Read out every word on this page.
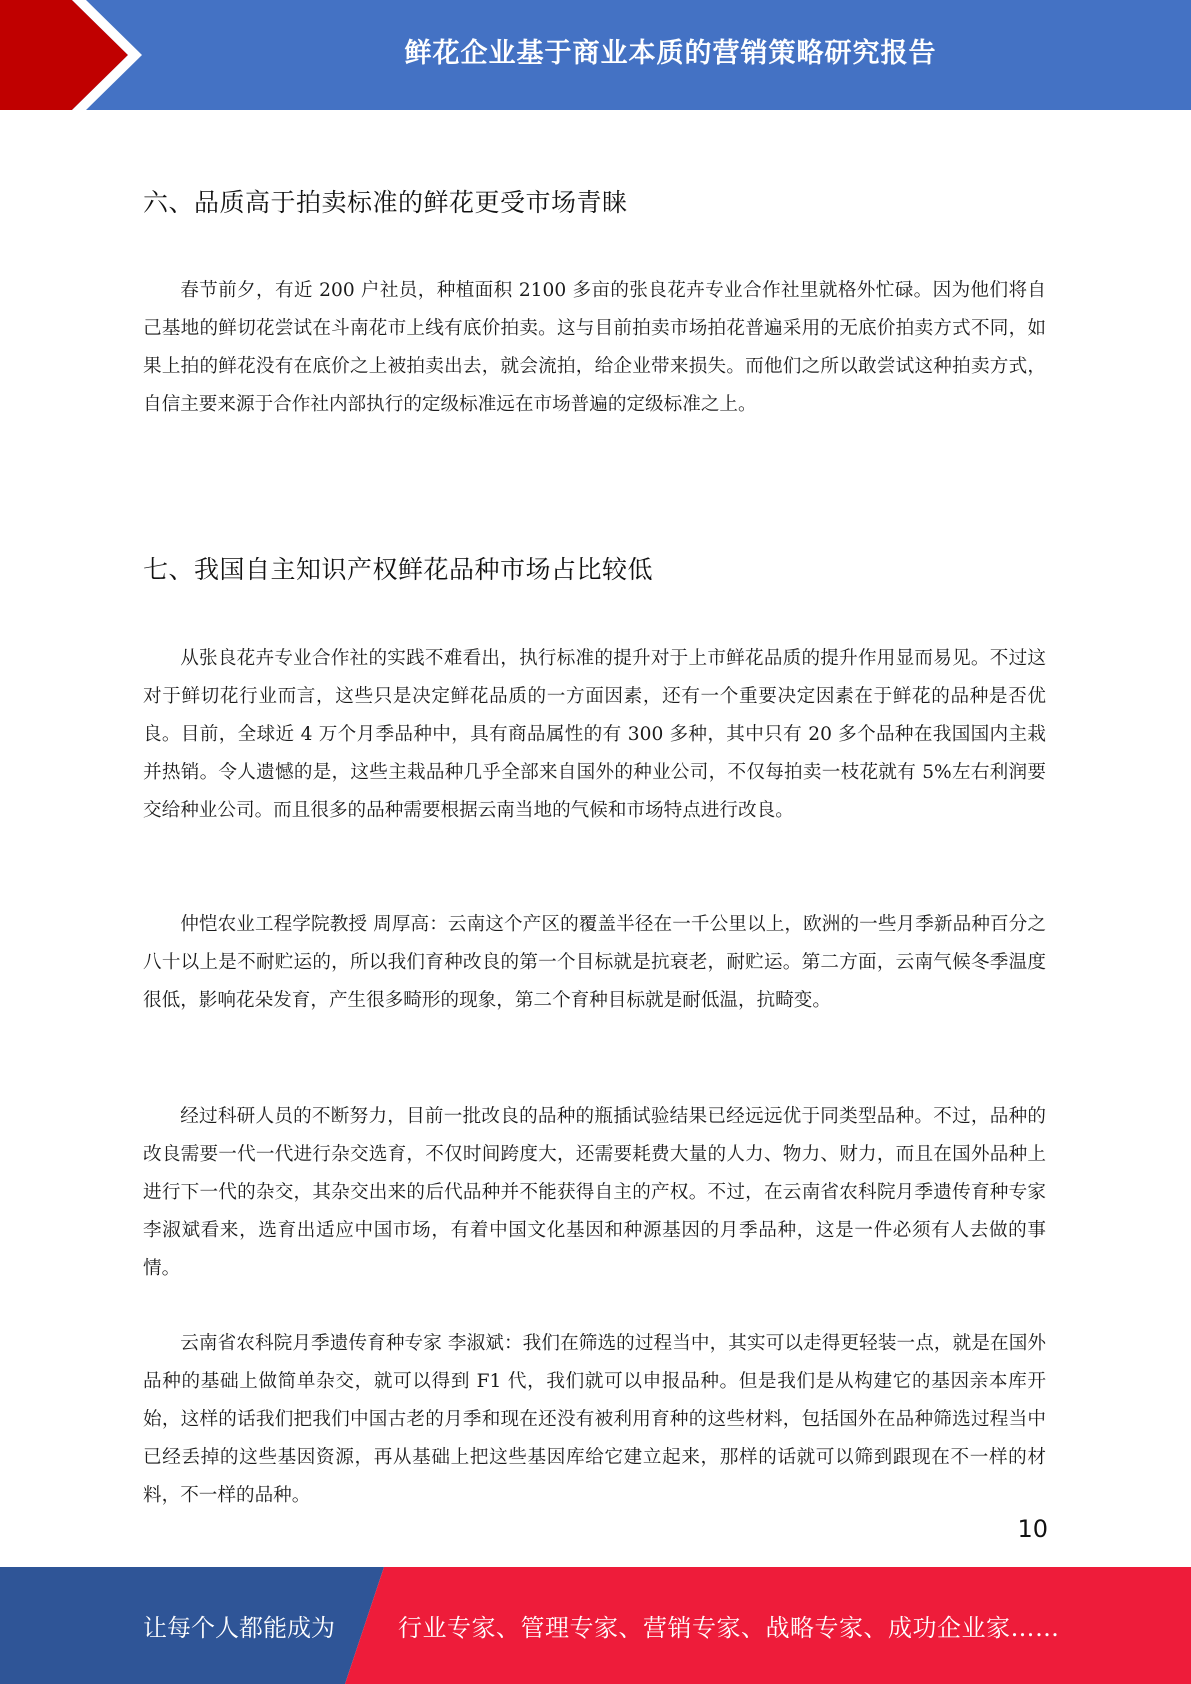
鲜花企业基于商业本质的营销策略研究报告
六、品质高于拍卖标准的鲜花更受市场青睐

春节前夕，有近 200 户社员，种植面积 2100 多亩的张良花卉专业合作社里就格外忙碌。因为他们将自己基地的鲜切花尝试在斗南花市上线有底价拍卖。这与目前拍卖市场拍花普遍采用的无底价拍卖方式不同，如果上拍的鲜花没有在底价之上被拍卖出去，就会流拍，给企业带来损失。而他们之所以敢尝试这种拍卖方式，自信主要来源于合作社内部执行的定级标准远在市场普遍的定级标准之上。

七、我国自主知识产权鲜花品种市场占比较低

从张良花卉专业合作社的实践不难看出，执行标准的提升对于上市鲜花品质的提升作用显而易见。不过这对于鲜切花行业而言，这些只是决定鲜花品质的一方面因素，还有一个重要决定因素在于鲜花的品种是否优良。目前，全球近 4 万个月季品种中，具有商品属性的有 300 多种，其中只有 20 多个品种在我国国内主栽并热销。令人遗憾的是，这些主栽品种几乎全部来自国外的种业公司，不仅每拍卖一枝花就有 5%左右利润要交给种业公司。而且很多的品种需要根据云南当地的气候和市场特点进行改良。

仲恺农业工程学院教授 周厚高：云南这个产区的覆盖半径在一千公里以上，欧洲的一些月季新品种百分之八十以上是不耐贮运的，所以我们育种改良的第一个目标就是抗衰老，耐贮运。第二方面，云南气候冬季温度很低，影响花朵发育，产生很多畸形的现象，第二个育种目标就是耐低温，抗畸变。

经过科研人员的不断努力，目前一批改良的品种的瓶插试验结果已经远远优于同类型品种。不过，品种的改良需要一代一代进行杂交选育，不仅时间跨度大，还需要耗费大量的人力、物力、财力，而且在国外品种上进行下一代的杂交，其杂交出来的后代品种并不能获得自主的产权。不过，在云南省农科院月季遗传育种专家李淑斌看来，选育出适应中国市场，有着中国文化基因和种源基因的月季品种，这是一件必须有人去做的事情。

云南省农科院月季遗传育种专家 李淑斌：我们在筛选的过程当中，其实可以走得更轻装一点，就是在国外品种的基础上做简单杂交，就可以得到 F1 代，我们就可以申报品种。但是我们是从构建它的基因亲本库开始，这样的话我们把我们中国古老的月季和现在还没有被利用育种的这些材料，包括国外在品种筛选过程当中已经丢掉的这些基因资源，再从基础上把这些基因库给它建立起来，那样的话就可以筛到跟现在不一样的材料，不一样的品种。

10
让每个人都能成为	行业专家、管理专家、营销专家、战略专家、成功企业家……
